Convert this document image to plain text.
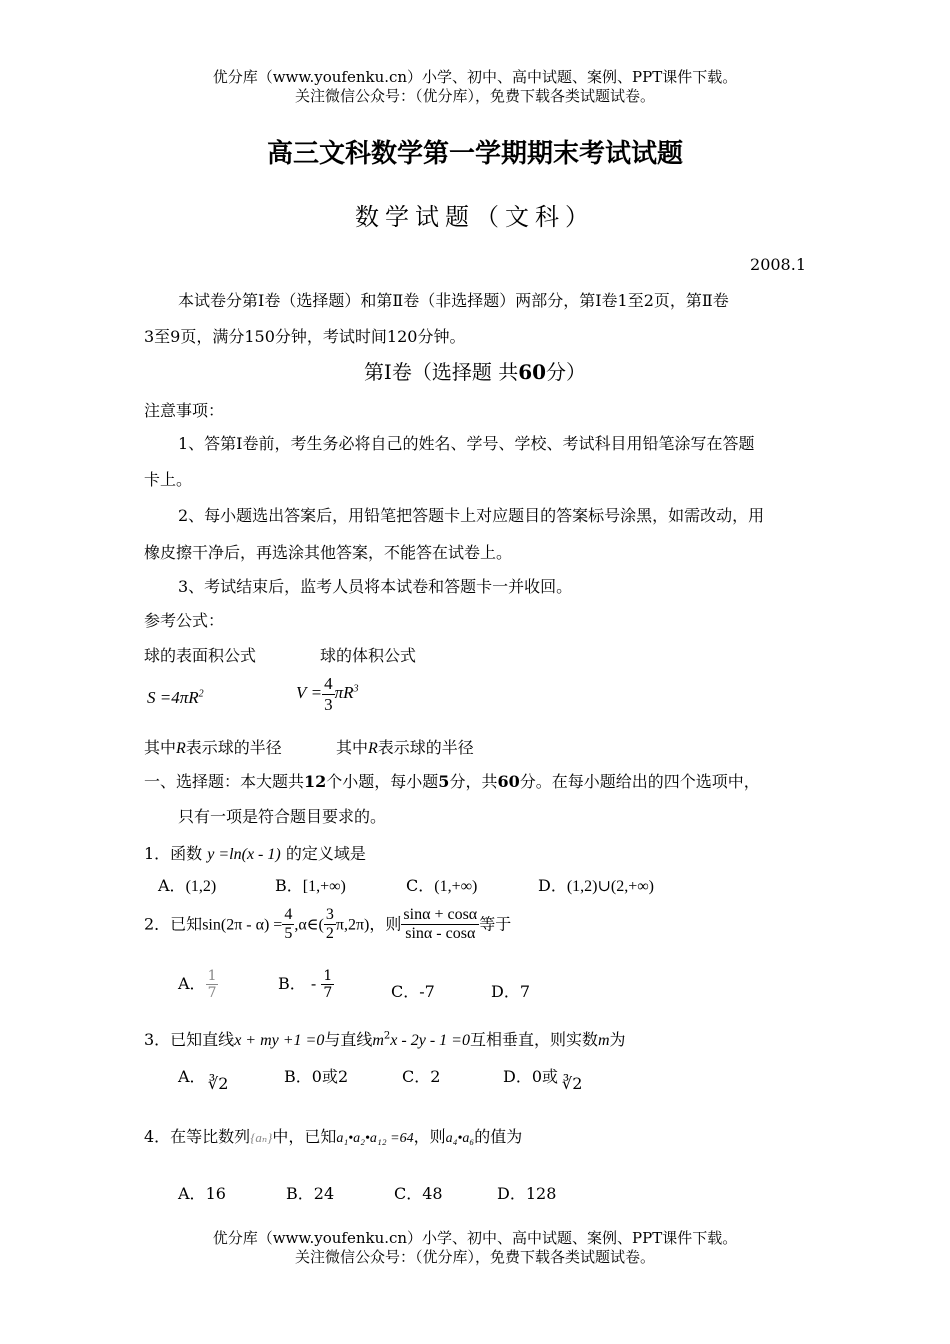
优分库（www.youfenku.cn）小学、初中、高中试题、案例、PPT课件下载。
关注微信公众号：（优分库），免费下载各类试题试卷。
高三文科数学第一学期期末考试试题
数学试题（文科）
2008.1
本试卷分第Ⅰ卷（选择题）和第Ⅱ卷（非选择题）两部分，第Ⅰ卷1至2页，第Ⅱ卷
3至9页，满分150分钟，考试时间120分钟。
第Ⅰ卷（选择题 共60分）
注意事项：
1、答第Ⅰ卷前，考生务必将自己的姓名、学号、学校、考试科目用铅笔涂写在答题
卡上。
2、每小题选出答案后，用铅笔把答题卡上对应题目的答案标号涂黑，如需改动，用
橡皮擦干净后，再选涂其他答案，不能答在试卷上。
3、考试结束后，监考人员将本试卷和答题卡一并收回。
参考公式：
球的表面积公式	球的体积公式
$S =4\pi R^2$	$V = \frac{4}{3} \pi R^3$
其中R表示球的半径	其中R表示球的半径
一、选择题：本大题共12个小题，每小题5分，共60分。在每小题给出的四个选项中，
只有一项是符合题目要求的。
1．函数 y =ln(x - 1) 的定义域是
A．(1,2)	B．[1,+∞)	C．(1,+∞)	D．(1,2)∪(2,+∞)
2．已知$\sin(2\pi - \alpha) = \frac{4}{5}$ ,α∈( $\frac{3}{2} \pi,2\pi$)，则 $\frac{\sin\alpha + \cos\alpha}{\sin\alpha - \cos\alpha}$ 等于
A． $\frac{1}{7}$	B． - $\frac{1}{7}$	C．-7	D．7
3．已知直线x + my +1 =0与直线$m^2x - 2y - 1 =0$互相垂直，则实数m为
A． ∛2	B．0或2	C．2	D．0或 ∛2
4．在等比数列{aₙ}中，已知a₁•a₂•a₁₂ =64，则a₄•a₆的值为
A．16	B．24	C．48	D．128
优分库（www.youfenku.cn）小学、初中、高中试题、案例、PPT课件下载。
关注微信公众号：（优分库），免费下载各类试题试卷。
